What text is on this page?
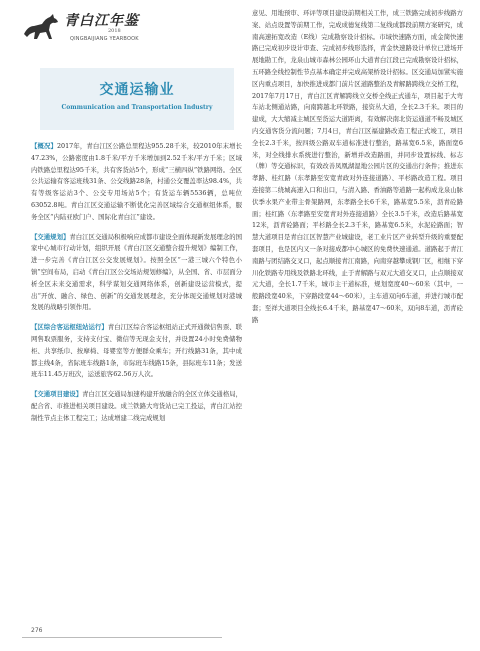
青白江年鉴
2018
QINGBAIJIANG YEARBOOK
交通运输业
Communication and Transportation Industry

【概况】2017年，青白江区公路总里程达955.28千米，较2010年末增长47.23%，公路密度由1.8千米/平方千米增加到2.52千米/平方千米；区域内铁路总里程达95千米，共有客货站5个，形成“三横四纵”铁路网络。全区公共运输有客运班线31条、公交线路28条，村通公交覆盖率达98.4%，共有等级客运站3个、公交专用场站5个；有货运车辆5536辆，总吨位63052.8吨。青白江区交通运输不断优化完善区域综合交通枢纽体系，服务全区“内陆亚欧门户、国际化青白江”建设。

【交通规划】青白江区交通局积极响应成都市建设全面体现新发展理念的国家中心城市行动计划，组织开展《青白江区交通整合提升规划》编制工作，进一步完善《青白江区公交发展规划》。按照全区“一港三城六个特色小镇”空间布局，启动《青白江区公交场站规划修编》，从全国、省、市层面分析全区未来交通需求，科学谋划交通网络体系，创新建设运营模式，提出“开放、融合、绿色、创新”的交通发展理念，充分体现交通规划对港城发展的战略引领作用。

【区综合客运枢纽站运行】青白江区综合客运枢纽站正式开通微信售票、联网售取票服务，支持支付宝、微信等无现金支付，并设置24小时免费储物柜、共享纸巾、按摩椅、母婴室等方便群众乘车；开行线路31条，其中成都主线4条，省际班车线路1条，市际班车线路15条，县际班车11条；发送班车11.45万班次，运送旅客62.56万人次。

【交通项目建设】青白江区交通局加速构建开放融合的全区立体交通格局，配合省、市推进相关项目建设。成兰铁路大弯货站已完工投运，青白江站控制性节点主体工程完工；达成增建二线完成规划

意见、用地预审、环评等项目建设前期相关工作，成三铁路完成初步线路方案、站点设置等前期工作，完成成德复线第二复线成都段前期方案研究，成南高速拓宽改造（E线）完成勘察设计招标。市域快速路方面，成金简快速路已完成初步设计审查、完成初步线形选择，青金快速路设计单位已进场开展地勘工作，龙泉山城市森林公园环山大道青白江段已完成勘察设计招标，五环路全线控制性节点基本确定并完成高架桥设计招标。区交通局加紧实施区内重点项目，加快推进成都门前片区道路整治及青解路跨线立交桥工程，2017年7月17日，青白江区青解跨线立交桥全线正式通车，项目起于大弯车站北侧通站路，向南跨越北环铁路，接资丛大道，全长2.3千米。项目的建成，大大缩减主城区至货运大道距离，有效解决南北资运通道不畅及城区内交通客货分流问题；7月4日，青白江区福建路改造工程正式竣工，项目全长2.3千米，按四级公路双车道标准进行整治，路基宽6.5米，路面宽6米，对全线排水系统进行整治，新增并改造路面，并同步设置标线、标志（牌）等交通标识，有效改善凤凰湖湿地公园片区的交通出行条件；推进东孝路、桂红路（东孝路至安宽青政对外连接道路）、平杉路改造工程。项目连接第二绕城高速入口和出口，与清入路、香油路等道路一起构成龙泉山脉伏季水果产业带主骨架路网，东孝路全长6千米，路基宽5.5米，沥青砼路面；桂红路（东孝路至安宽青对外连接道路）全长3.5千米，改造后路基宽12米，沥青砼路面；平杉路全长2.3千米，路基宽6.5米，水泥砼路面；智慧大道项目是青白江区智慧产业城建设，老工业片区产业转型升级的重要配套项目，也是区内又一条对接成都中心城区的免费快速通道。道路起于青江南路与团结路交叉口，起点顺接青江南路，向南穿越攀成钢厂区，相继下穿川化铁路专用线及铁路北环线，止于青解路与双元大道交叉口，止点顺接双元大道，全长1.7千米，城市主干道标准，规划宽度40～60米（其中，一般路段宽40米，下穿路段宽44～60米），主车道双向6车道，并进行城市配套；至祥大道项目全线长6.4千米，路基宽47～60米，双向8车道，沥青砼路

276
